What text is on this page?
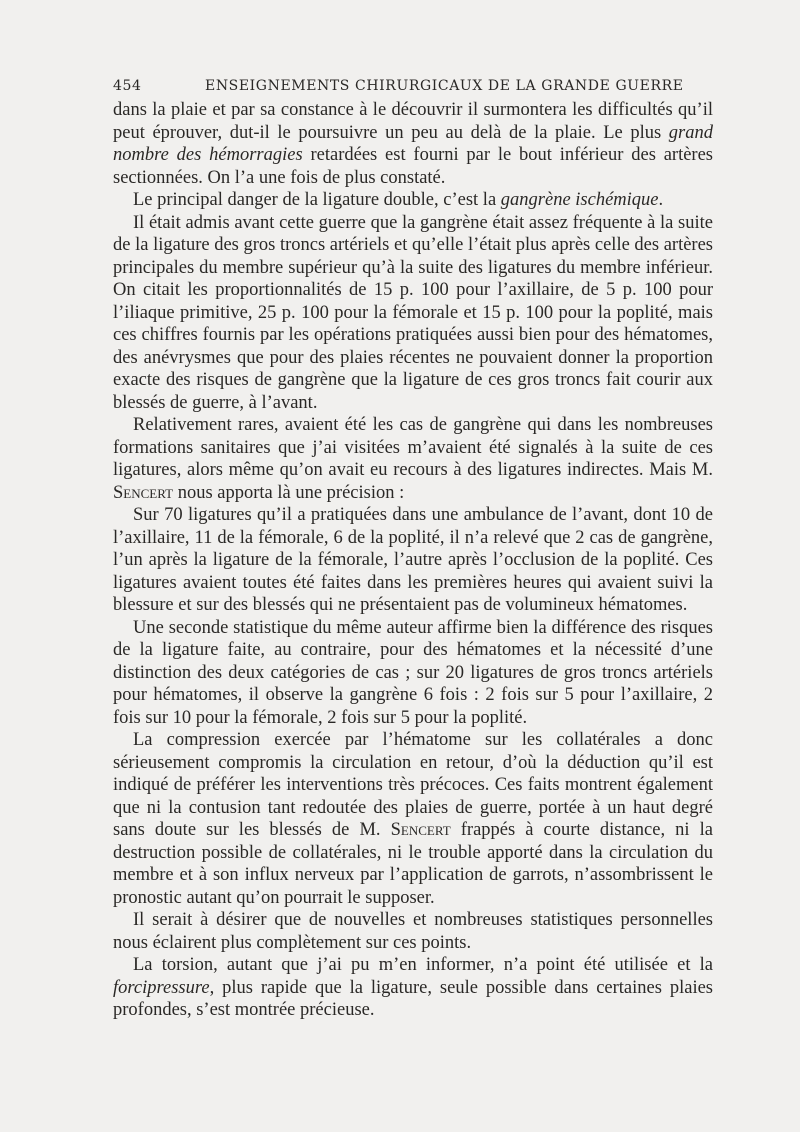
454	ENSEIGNEMENTS CHIRURGICAUX DE LA GRANDE GUERRE

dans la plaie et par sa constance à le découvrir il surmontera les difficultés qu’il peut éprouver, dut-il le poursuivre un peu au delà de la plaie. Le plus grand nombre des hémorragies retardées est fourni par le bout inférieur des artères sectionnées. On l’a une fois de plus constaté.

Le principal danger de la ligature double, c’est la gangrène ischémique.

Il était admis avant cette guerre que la gangrène était assez fréquente à la suite de la ligature des gros troncs artériels et qu’elle l’était plus après celle des artères principales du membre supérieur qu’à la suite des ligatures du membre inférieur. On citait les proportionnalités de 15 p. 100 pour l’axillaire, de 5 p. 100 pour l’iliaque primitive, 25 p. 100 pour la fémorale et 15 p. 100 pour la poplité, mais ces chiffres fournis par les opérations pratiquées aussi bien pour des hématomes, des anévrysmes que pour des plaies récentes ne pouvaient donner la proportion exacte des risques de gangrène que la ligature de ces gros troncs fait courir aux blessés de guerre, à l’avant.

Relativement rares, avaient été les cas de gangrène qui dans les nombreuses formations sanitaires que j’ai visitées m’avaient été signalés à la suite de ces ligatures, alors même qu’on avait eu recours à des ligatures indirectes. Mais M. Sencert nous apporta là une précision :

Sur 70 ligatures qu’il a pratiquées dans une ambulance de l’avant, dont 10 de l’axillaire, 11 de la fémorale, 6 de la poplité, il n’a relevé que 2 cas de gangrène, l’un après la ligature de la fémorale, l’autre après l’occlusion de la poplité. Ces ligatures avaient toutes été faites dans les premières heures qui avaient suivi la blessure et sur des blessés qui ne présentaient pas de volumineux hématomes.

Une seconde statistique du même auteur affirme bien la différence des risques de la ligature faite, au contraire, pour des hématomes et la nécessité d’une distinction des deux catégories de cas ; sur 20 ligatures de gros troncs artériels pour hématomes, il observe la gangrène 6 fois : 2 fois sur 5 pour l’axillaire, 2 fois sur 10 pour la fémorale, 2 fois sur 5 pour la poplité.

La compression exercée par l’hématome sur les collatérales a donc sérieusement compromis la circulation en retour, d’où la déduction qu’il est indiqué de préférer les interventions très précoces. Ces faits montrent également que ni la contusion tant redoutée des plaies de guerre, portée à un haut degré sans doute sur les blessés de M. Sencert frappés à courte distance, ni la destruction possible de collatérales, ni le trouble apporté dans la circulation du membre et à son influx nerveux par l’application de garrots, n’assombrissent le pronostic autant qu’on pourrait le supposer.

Il serait à désirer que de nouvelles et nombreuses statistiques personnelles nous éclairent plus complètement sur ces points.

La torsion, autant que j’ai pu m’en informer, n’a point été utilisée et la forcipressure, plus rapide que la ligature, seule possible dans certaines plaies profondes, s’est montrée précieuse.
